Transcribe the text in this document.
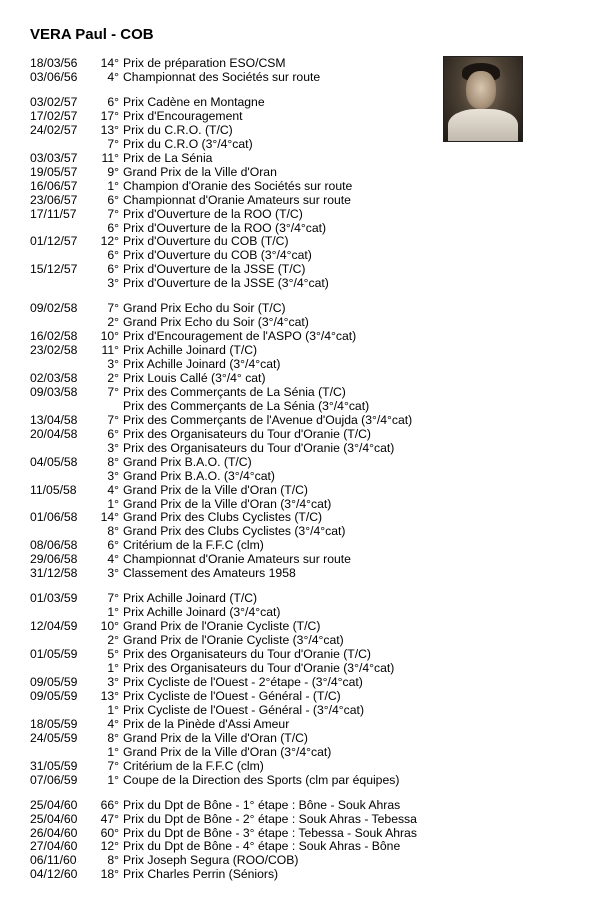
VERA Paul - COB
18/03/56	14° Prix de préparation ESO/CSM
03/06/56	4° Championnat des Sociétés sur route
03/02/57	6° Prix Cadène en Montagne
17/02/57	17° Prix d'Encouragement
24/02/57	13° Prix du C.R.O. (T/C)
7° Prix du C.R.O (3°/4°cat)
03/03/57	11° Prix de La Sénia
19/05/57	9° Grand Prix de la Ville d'Oran
16/06/57	1° Champion d'Oranie des Sociétés sur route
23/06/57	6° Championnat d'Oranie Amateurs sur route
17/11/57	7° Prix d'Ouverture de la ROO (T/C)
6° Prix d'Ouverture de la ROO (3°/4°cat)
01/12/57	12° Prix d'Ouverture du COB (T/C)
6° Prix d'Ouverture du COB (3°/4°cat)
15/12/57	6° Prix d'Ouverture de la JSSE (T/C)
3° Prix d'Ouverture de la JSSE (3°/4°cat)
09/02/58	7° Grand Prix Echo du Soir (T/C)
2° Grand Prix Echo du Soir (3°/4°cat)
16/02/58	10° Prix d'Encouragement de l'ASPO (3°/4°cat)
23/02/58	11° Prix Achille Joinard (T/C)
3° Prix Achille Joinard (3°/4°cat)
02/03/58	2° Prix Louis Callé (3°/4° cat)
09/03/58	7° Prix des Commerçants de La Sénia (T/C)
Prix des Commerçants de La Sénia (3°/4°cat)
13/04/58	7° Prix des Commerçants de l'Avenue d'Oujda (3°/4°cat)
20/04/58	6° Prix des Organisateurs du Tour d'Oranie (T/C)
3° Prix des Organisateurs du Tour d'Oranie (3°/4°cat)
04/05/58	8° Grand Prix B.A.O. (T/C)
3° Grand Prix B.A.O. (3°/4°cat)
11/05/58	4° Grand Prix de la Ville d'Oran (T/C)
1° Grand Prix de la Ville d'Oran (3°/4°cat)
01/06/58	14° Grand Prix des Clubs Cyclistes (T/C)
8° Grand Prix des Clubs Cyclistes (3°/4°cat)
08/06/58	6° Critérium de la F.F.C (clm)
29/06/58	4° Championnat d'Oranie Amateurs sur route
31/12/58	3° Classement des Amateurs 1958
01/03/59	7° Prix Achille Joinard (T/C)
1° Prix Achille Joinard (3°/4°cat)
12/04/59	10° Grand Prix de l'Oranie Cycliste (T/C)
2° Grand Prix de l'Oranie Cycliste (3°/4°cat)
01/05/59	5° Prix des Organisateurs du Tour d'Oranie (T/C)
1° Prix des Organisateurs du Tour d'Oranie (3°/4°cat)
09/05/59	3° Prix Cycliste de l'Ouest - 2°étape - (3°/4°cat)
09/05/59	13° Prix Cycliste de l'Ouest - Général - (T/C)
1° Prix Cycliste de l'Ouest - Général - (3°/4°cat)
18/05/59	4° Prix de la Pinède d'Assi Ameur
24/05/59	8° Grand Prix de la Ville d'Oran (T/C)
1° Grand Prix de la Ville d'Oran (3°/4°cat)
31/05/59	7° Critérium de la F.F.C (clm)
07/06/59	1° Coupe de la Direction des Sports (clm par équipes)
25/04/60	66° Prix du Dpt de Bône - 1° étape : Bône - Souk Ahras
25/04/60	47° Prix du Dpt de Bône - 2° étape : Souk Ahras - Tebessa
26/04/60	60° Prix du Dpt de Bône - 3° étape : Tebessa - Souk Ahras
27/04/60	12° Prix du Dpt de Bône - 4° étape : Souk Ahras - Bône
06/11/60	8° Prix Joseph Segura (ROO/COB)
04/12/60	18° Prix Charles Perrin (Séniors)
